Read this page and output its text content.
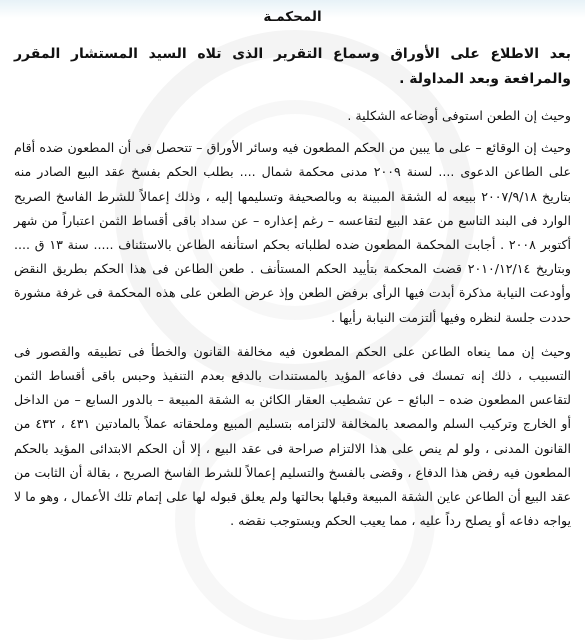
المحكمـة
بعد الاطلاع على الأوراق وسماع التقرير الذى تلاه السيد المستشار المقرر والمرافعة وبعد المداولة .

وحيث إن الطعن استوفى أوضاعه الشكلية .

وحيث إن الوقائع – على ما يبين من الحكم المطعون فيه وسائر الأوراق – تتحصل فى أن المطعون ضده أقام على الطاعن الدعوى .... لسنة ٢٠٠٩ مدنى محكمة شمال .... بطلب الحكم بفسخ عقد البيع الصادر منه بتاريخ ٢٠٠٧/٩/١٨ ببيعه له الشقة المبينة به وبالصحيفة وتسليمها إليه ، وذلك إعمالاً للشرط الفاسخ الصريح الوارد فى البند التاسع من عقد البيع لتقاعسه – رغم إعذاره – عن سداد باقى أقساط الثمن اعتباراً من شهر أكتوبر ٢٠٠٨ . أجابت المحكمة المطعون ضده لطلباته بحكم استأنفه الطاعن بالاستئناف ..... سنة ١٣ ق .... وبتاريخ ٢٠١٠/١٢/١٤ قضت المحكمة بتأييد الحكم المستأنف . طعن الطاعن فى هذا الحكم بطريق النقض وأودعت النيابة مذكرة أبدت فيها الرأى برفض الطعن وإذ عرض الطعن على هذه المحكمة فى غرفة مشورة حددت جلسة لنظره وفيها ألتزمت النيابة رأيها .

وحيث إن مما ينعاه الطاعن على الحكم المطعون فيه مخالفة القانون والخطأ فى تطبيقه والقصور فى التسبيب ، ذلك إنه تمسك فى دفاعه المؤيد بالمستندات بالدفع بعدم التنفيذ وحبس باقى أقساط الثمن لتقاعس المطعون ضده – البائع – عن تشطيب العقار الكائن به الشقة المبيعة – بالدور السابع – من الداخل أو الخارج وتركيب السلم والمصعد بالمخالفة لالتزامه بتسليم المبيع وملحقاته عملاً بالمادتين ٤٣١ ، ٤٣٢ من القانون المدنى ، ولو لم ينص على هذا الالتزام صراحة فى عقد البيع ، إلا أن الحكم الابتدائى المؤيد بالحكم المطعون فيه رفض هذا الدفاع ، وقضى بالفسخ والتسليم إعمالاً للشرط الفاسخ الصريح ، بقالة أن الثابت من عقد البيع أن الطاعن عاين الشقة المبيعة وقبلها بحالتها ولم يعلق قبوله لها على إتمام تلك الأعمال ، وهو ما لا يواجه دفاعه أو يصلح رداً عليه ، مما يعيب الحكم ويستوجب نقضه .
